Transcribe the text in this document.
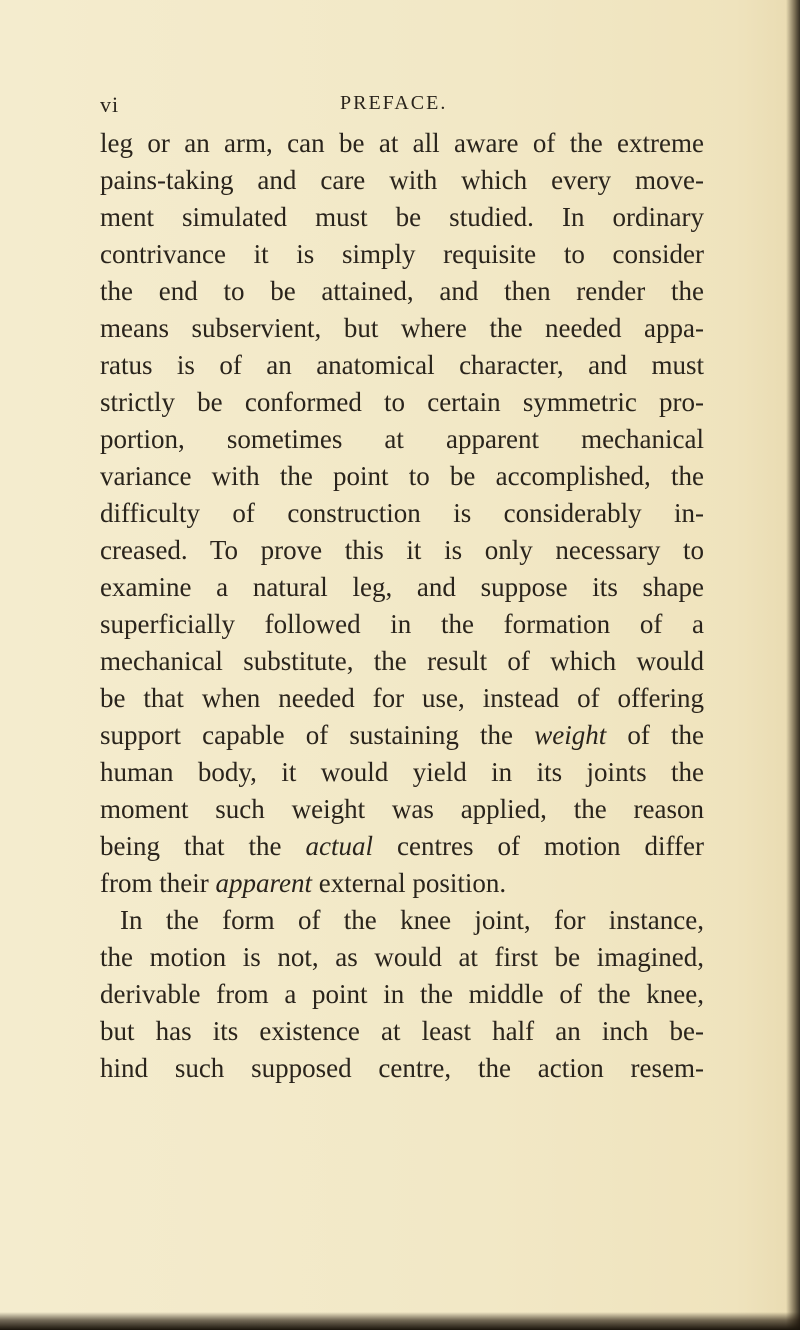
vi	PREFACE.
leg or an arm, can be at all aware of the extreme
pains-taking and care with which every move-
ment simulated must be studied. In ordinary
contrivance it is simply requisite to consider
the end to be attained, and then render the
means subservient, but where the needed appa-
ratus is of an anatomical character, and must
strictly be conformed to certain symmetric pro-
portion, sometimes at apparent mechanical
variance with the point to be accomplished, the
difficulty of construction is considerably in-
creased. To prove this it is only necessary to
examine a natural leg, and suppose its shape
superficially followed in the formation of a
mechanical substitute, the result of which would
be that when needed for use, instead of offering
support capable of sustaining the weight of the
human body, it would yield in its joints the
moment such weight was applied, the reason
being that the actual centres of motion differ
from their apparent external position.
In the form of the knee joint, for instance,
the motion is not, as would at first be imagined,
derivable from a point in the middle of the knee,
but has its existence at least half an inch be-
hind such supposed centre, the action resem-
